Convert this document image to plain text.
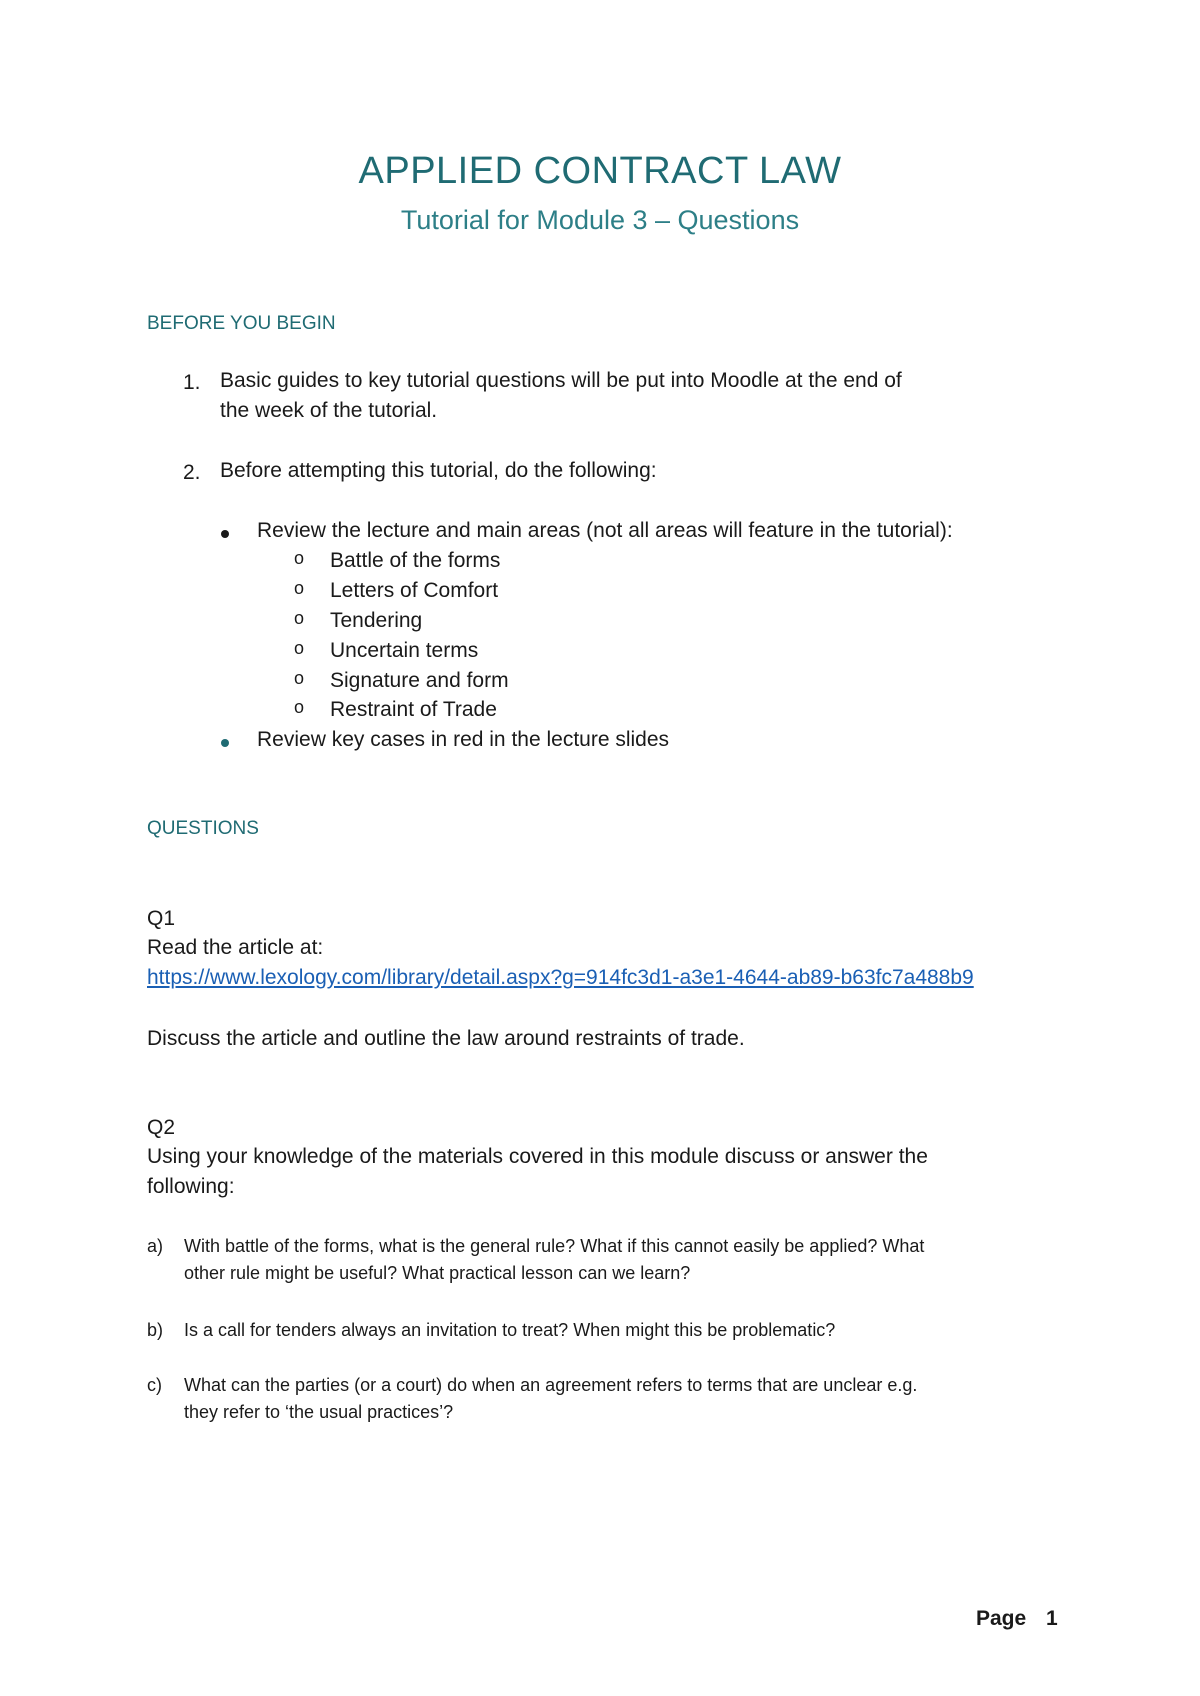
APPLIED CONTRACT LAW
Tutorial for Module 3 – Questions
BEFORE YOU BEGIN
1. Basic guides to key tutorial questions will be put into Moodle at the end of
the week of the tutorial.
2. Before attempting this tutorial, do the following:
Review the lecture and main areas (not all areas will feature in the tutorial):
o Battle of the forms
o Letters of Comfort
o Tendering
o Uncertain terms
o Signature and form
o Restraint of Trade
Review key cases in red in the lecture slides
QUESTIONS
Q1
Read the article at:
https://www.lexology.com/library/detail.aspx?g=914fc3d1-a3e1-4644-ab89-b63fc7a488b9
Discuss the article and outline the law around restraints of trade.
Q2
Using your knowledge of the materials covered in this module discuss or answer the
following:
a) With battle of the forms, what is the general rule? What if this cannot easily be applied? What
other rule might be useful? What practical lesson can we learn?
b) Is a call for tenders always an invitation to treat? When might this be problematic?
c) What can the parties (or a court) do when an agreement refers to terms that are unclear e.g.
they refer to ‘the usual practices’?
Page 1
